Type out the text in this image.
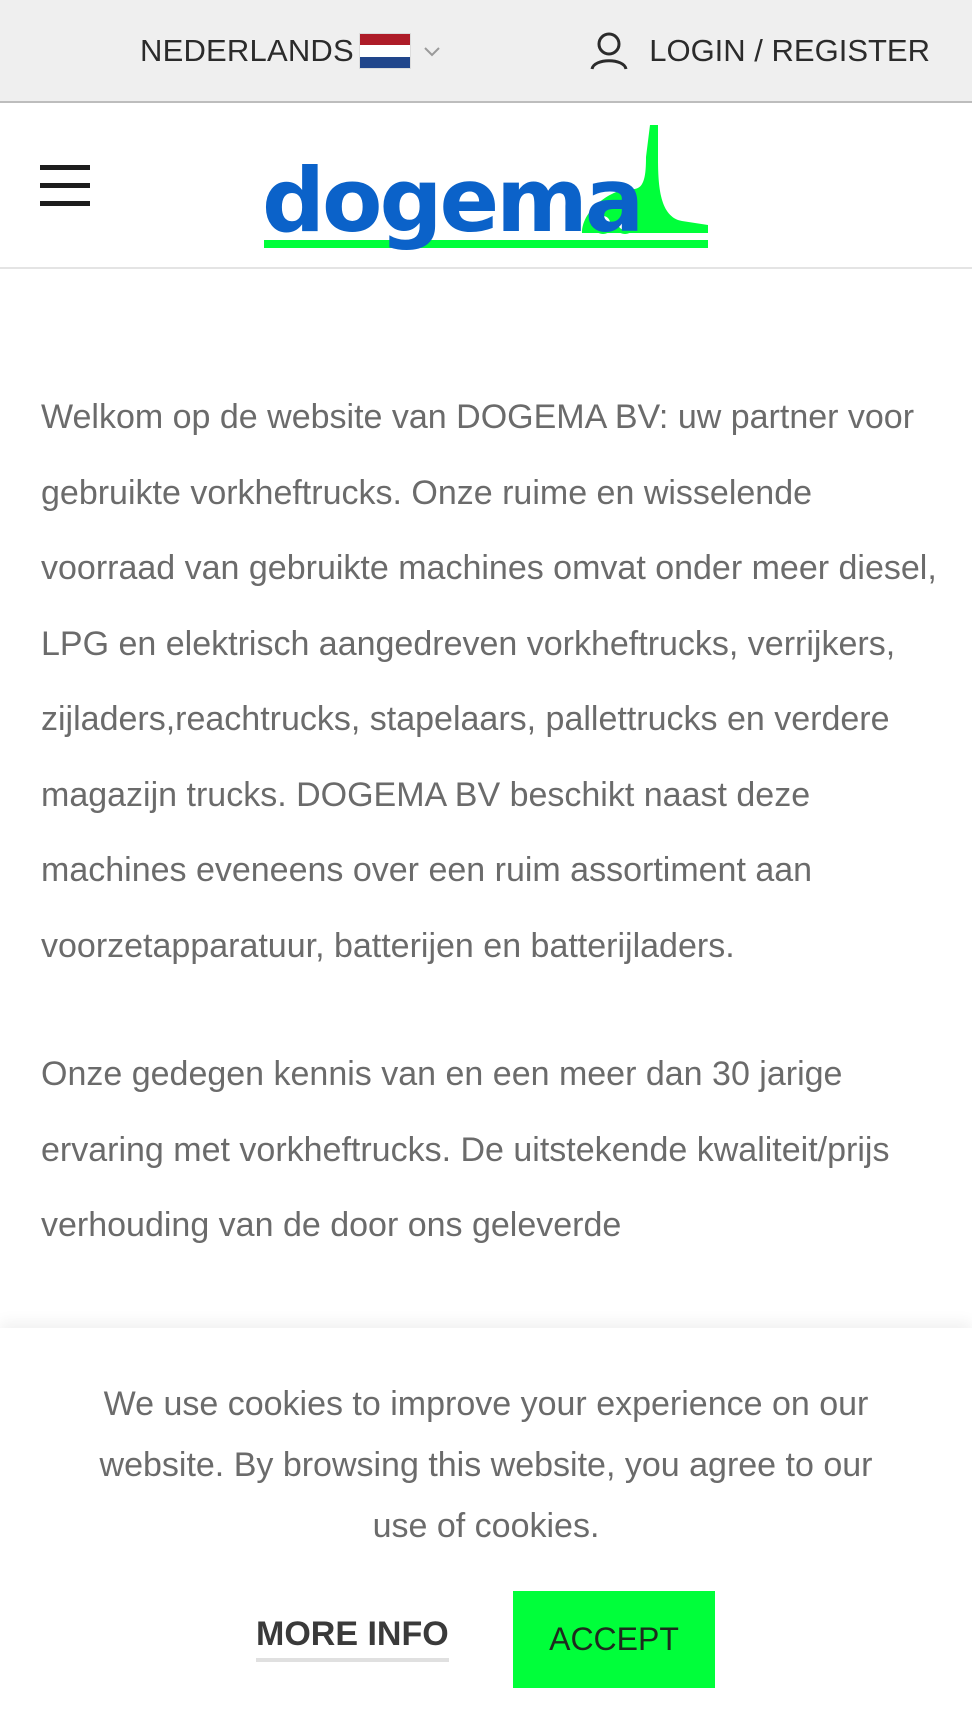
NEDERLANDS	LOGIN / REGISTER
dogema

Welkom op de website van DOGEMA BV: uw partner voor gebruikte vorkheftrucks. Onze ruime en wisselende voorraad van gebruikte machines omvat onder meer diesel, LPG en elektrisch aangedreven vorkheftrucks, verrijkers, zijladers,reachtrucks, stapelaars, pallettrucks en verdere magazijn trucks. DOGEMA BV beschikt naast deze machines eveneens over een ruim assortiment aan voorzetapparatuur, batterijen en batterijladers.

Onze gedegen kennis van en een meer dan 30 jarige ervaring met vorkheftrucks. De uitstekende kwaliteit/prijs verhouding van de door ons geleverde

We use cookies to improve your experience on our website. By browsing this website, you agree to our use of cookies.
MORE INFO	ACCEPT
